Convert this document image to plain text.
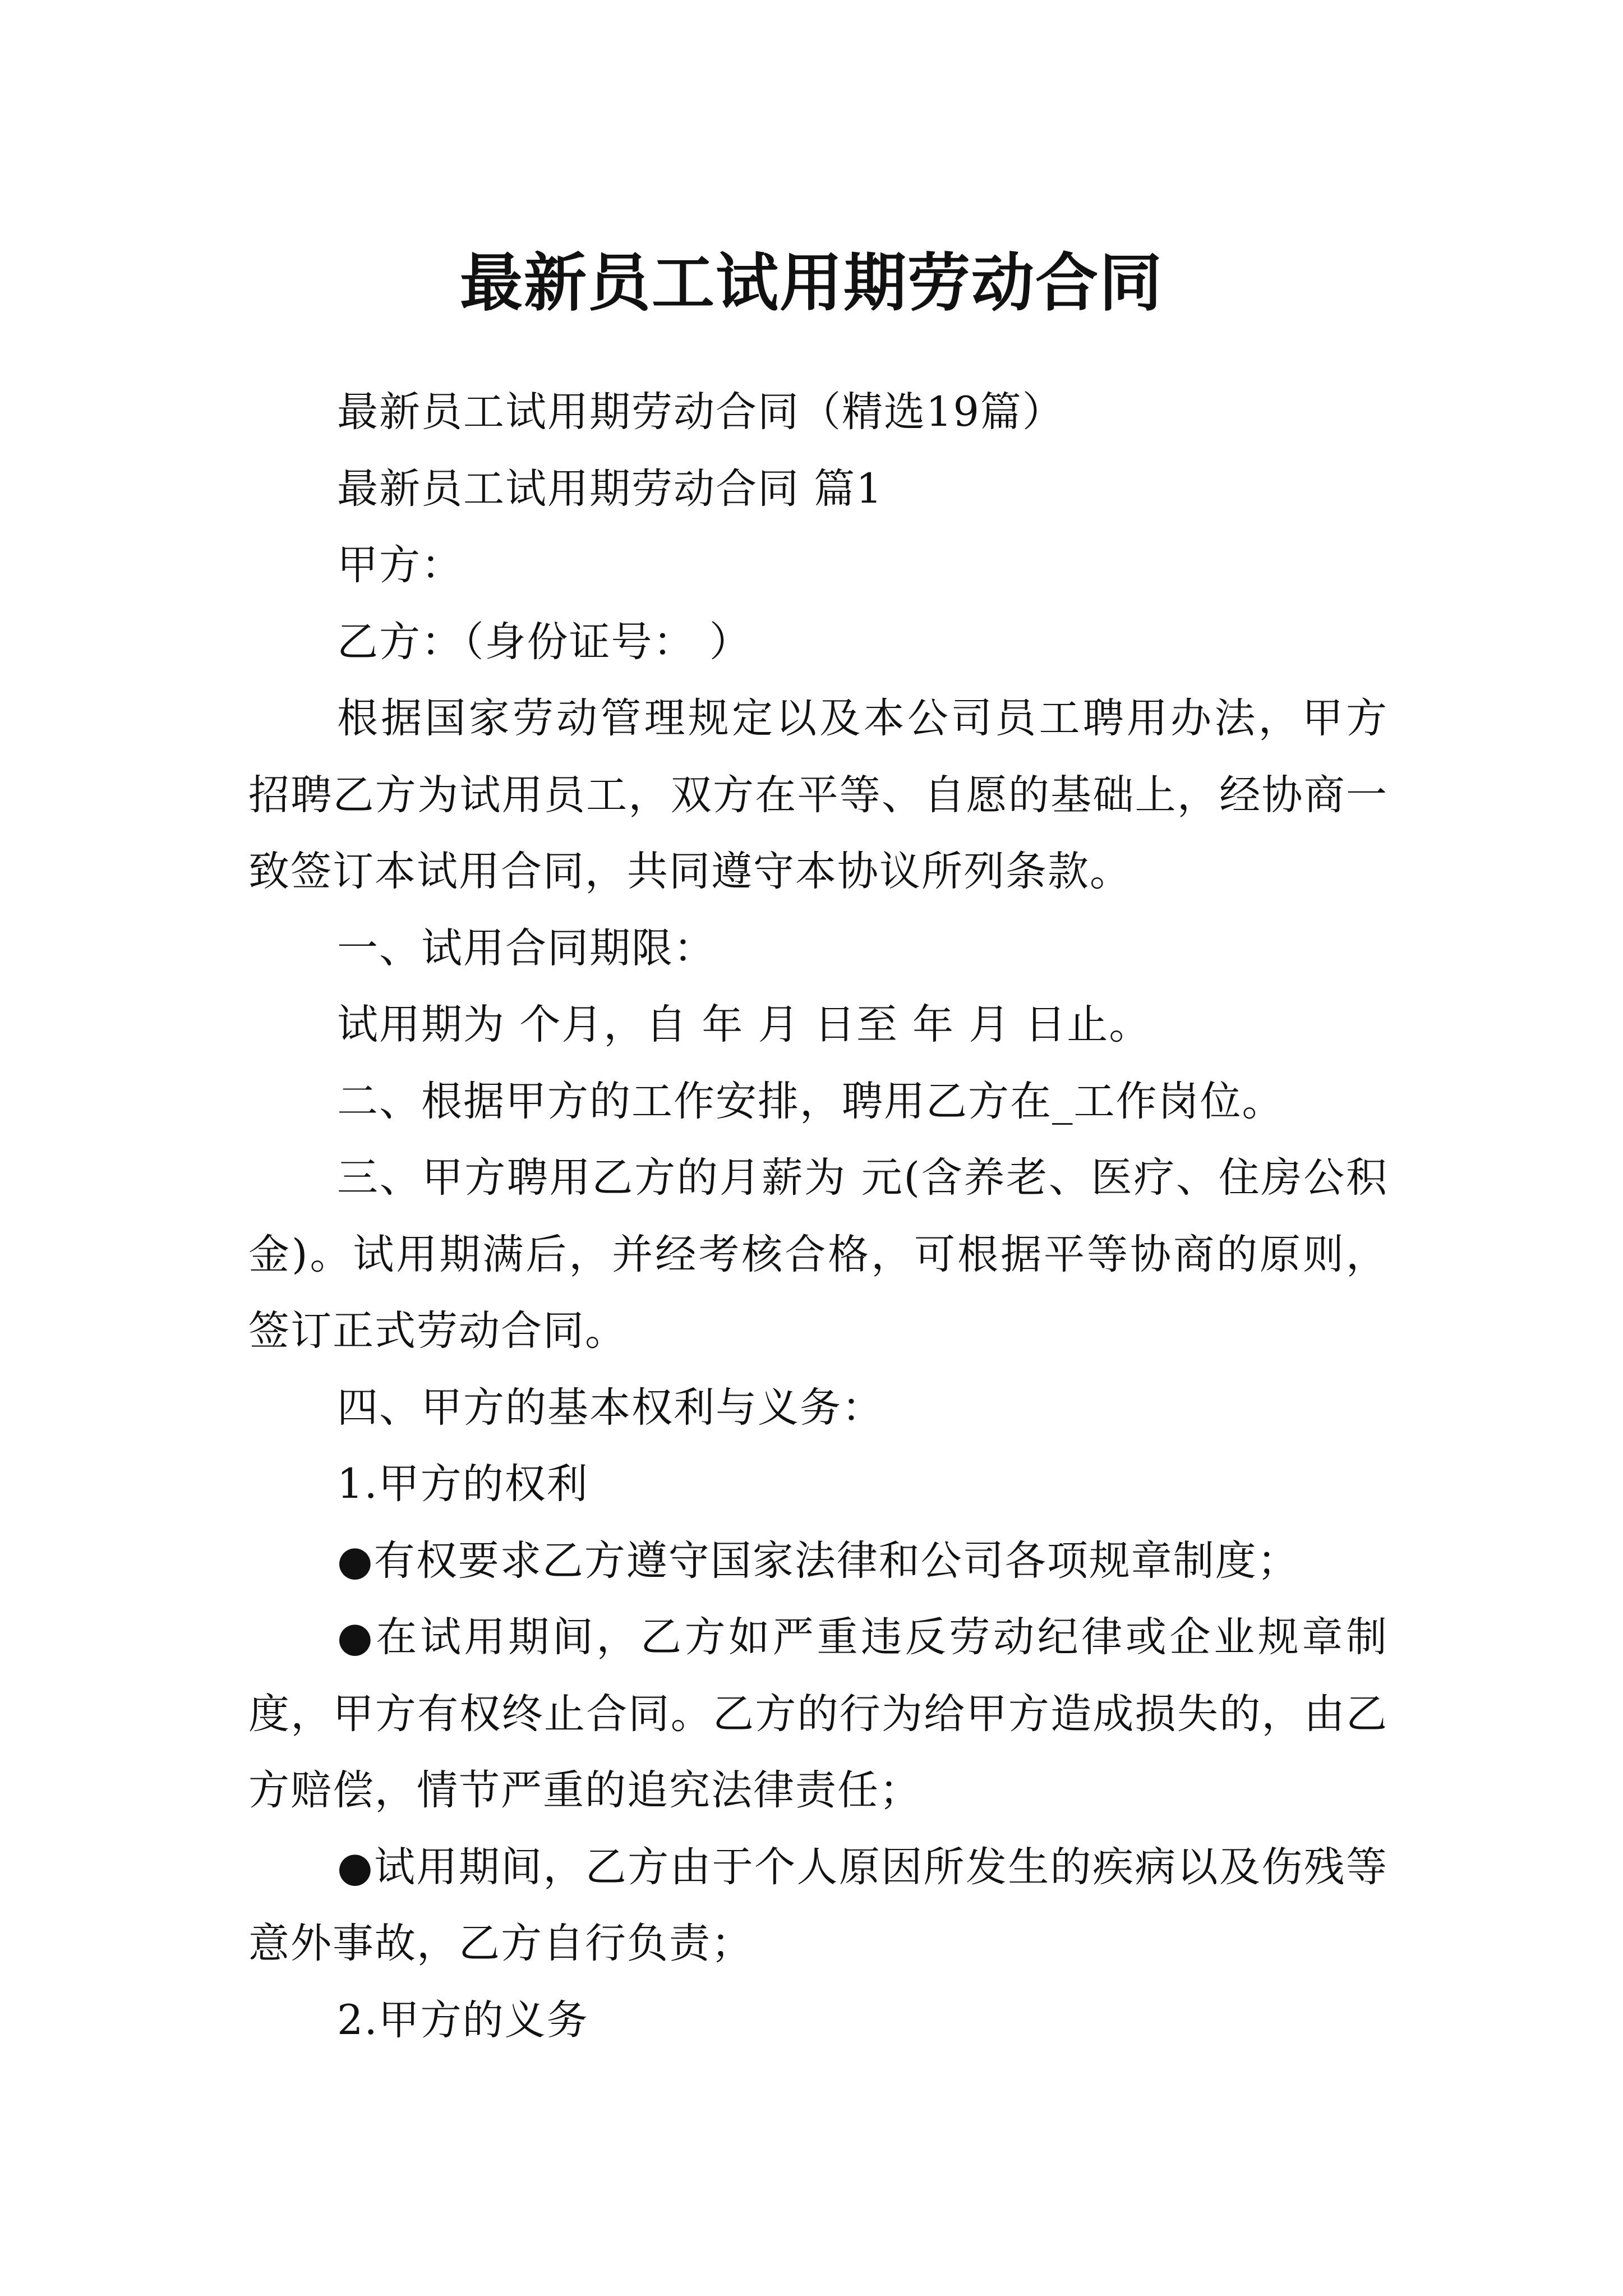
最新员工试用期劳动合同

最新员工试用期劳动合同（精选19篇）

最新员工试用期劳动合同 篇1

甲方：

乙方：（身份证号： ）

根据国家劳动管理规定以及本公司员工聘用办法，甲方招聘乙方为试用员工，双方在平等、自愿的基础上，经协商一致签订本试用合同，共同遵守本协议所列条款。

一、试用合同期限：

试用期为 个月，自 年 月 日至 年 月 日止。

二、根据甲方的工作安排，聘用乙方在_工作岗位。

三、甲方聘用乙方的月薪为 元(含养老、医疗、住房公积金)。试用期满后，并经考核合格，可根据平等协商的原则，签订正式劳动合同。

四、甲方的基本权利与义务：

1.甲方的权利

●有权要求乙方遵守国家法律和公司各项规章制度；

●在试用期间，乙方如严重违反劳动纪律或企业规章制度，甲方有权终止合同。乙方的行为给甲方造成损失的，由乙方赔偿，情节严重的追究法律责任；

●试用期间，乙方由于个人原因所发生的疾病以及伤残等意外事故，乙方自行负责；

2.甲方的义务
